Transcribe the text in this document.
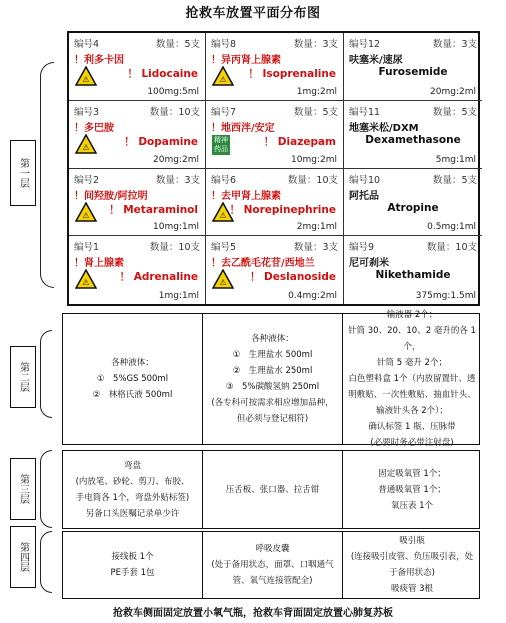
抢救车放置平面分布图
第一层
第二层
第三层
第四层
编号4	数量：5支
！利多卡因
⚠	！ Lidocaine
100mg:5ml
编号8	数量：3支
！异丙肾上腺素
⚠ ！ Isoprenaline
1mg:2ml
编号12	数量：3支
呋塞米/速尿
Furosemide
20mg:2ml
编号3	数量：10支
！多巴胺
⚠	！ Dopamine
20mg:2ml
编号7	数量：5支
！地西泮/安定
精神药品
！ Diazepam
10mg:2ml
编号11	数量：5支
地塞米松/DXM
Dexamethasone
5mg:1ml
编号2	数量：3支
！间羟胺/阿拉明
⚠ ！ Metaraminol
10mg:1ml
编号6	数量：10支
！去甲肾上腺素
⚠ ！ Norepinephrine
2mg:1ml
编号10	数量：5支
阿托品
Atropine
0.5mg:1ml
编号1	数量：10支
！肾上腺素
⚠	！ Adrenaline
1mg:1ml
编号5	数量：3支
！去乙酰毛花苷/西地兰
⚠ ！ Deslanoside
0.4mg:2ml
编号9	数量：10支
尼可刹米
Nikethamide
375mg:1.5ml
各种液体：
①　5%GS 500ml
②　林格氏液 500ml
各种液体：
①　生理盐水 500ml
②　生理盐水 250ml
③　5%碳酸氢钠 250ml
(各专科可按需求相应增加品种，
但必须与登记相符)
输液器 2个；
针筒 30、20、10、2 毫升的各 1个，
针筒 5 毫升 2个；
白色塑料盒 1个（内放留置针、透
明敷贴、一次性敷贴、抽血针头、
输液针头各 2个）；
确认标签 1 瓶、压脉带
(必要时务必带注射盘)
弯盘
(内放笔、砂轮、剪刀、布胶、
手电筒各 1个，弯盘外贴标签)
另备口头医嘱记录单少许
压舌板、张口器、拉舌钳
固定吸氧管 1个；
普通吸氧管 1个；
氧压表 1个
接线板 1个
PE手套 1包
呼吸皮囊
(处于备用状态，面罩、口咽通气
管、氧气连接管配全)
吸引瓶
(连接吸引皮管、负压吸引表，处
于备用状态)
吸痰管 3根
抢救车侧面固定放置小氧气瓶，抢救车背面固定放置心肺复苏板
